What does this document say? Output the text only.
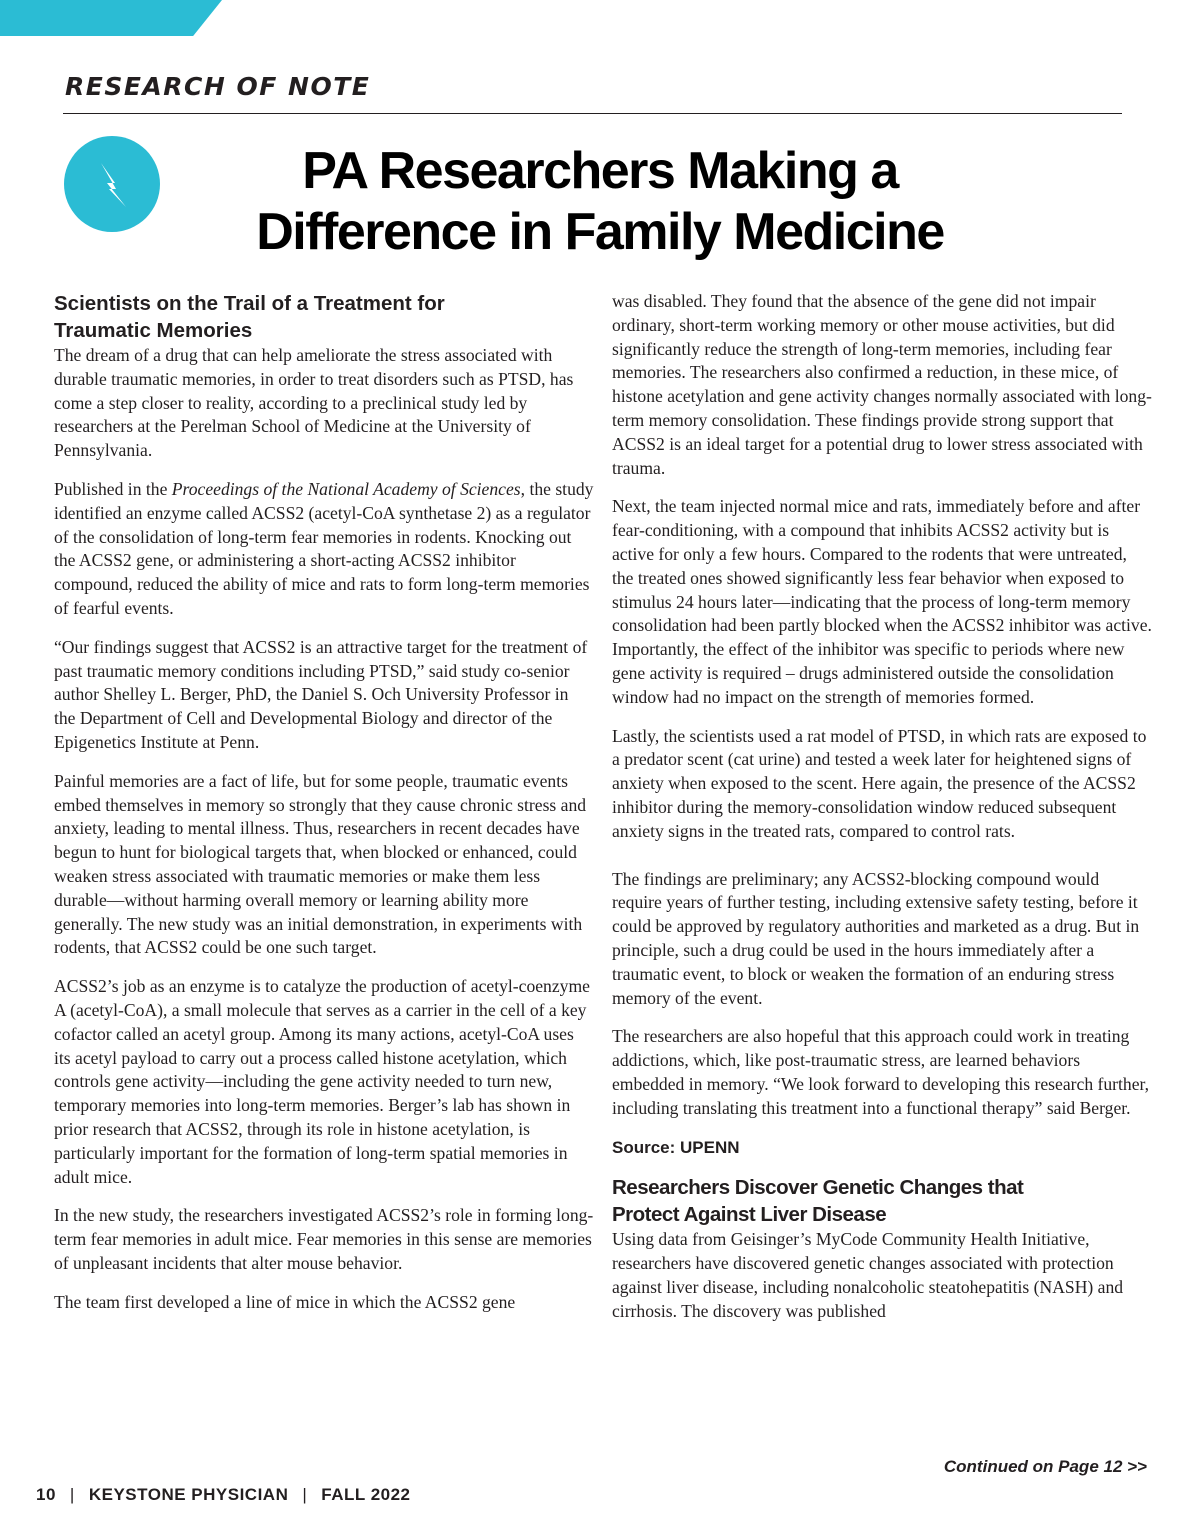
RESEARCH OF NOTE
PA Researchers Making a
Difference in Family Medicine
Scientists on the Trail of a Treatment for
Traumatic Memories

The dream of a drug that can help ameliorate the stress associated with durable traumatic memories, in order to treat disorders such as PTSD, has come a step closer to reality, according to a preclinical study led by researchers at the Perelman School of Medicine at the University of Pennsylvania.

Published in the Proceedings of the National Academy of Sciences, the study identified an enzyme called ACSS2 (acetyl-CoA synthetase 2) as a regulator of the consolidation of long-term fear memories in rodents. Knocking out the ACSS2 gene, or administering a short-acting ACSS2 inhibitor compound, reduced the ability of mice and rats to form long-term memories of fearful events.

“Our findings suggest that ACSS2 is an attractive target for the treatment of past traumatic memory conditions including PTSD,” said study co-senior author Shelley L. Berger, PhD, the Daniel S. Och University Professor in the Department of Cell and Developmental Biology and director of the Epigenetics Institute at Penn.

Painful memories are a fact of life, but for some people, traumatic events embed themselves in memory so strongly that they cause chronic stress and anxiety, leading to mental illness. Thus, researchers in recent decades have begun to hunt for biological targets that, when blocked or enhanced, could weaken stress associated with traumatic memories or make them less durable—without harming overall memory or learning ability more generally. The new study was an initial demonstration, in experiments with rodents, that ACSS2 could be one such target.

ACSS2’s job as an enzyme is to catalyze the production of acetyl-coenzyme A (acetyl-CoA), a small molecule that serves as a carrier in the cell of a key cofactor called an acetyl group. Among its many actions, acetyl-CoA uses its acetyl payload to carry out a process called histone acetylation, which controls gene activity—including the gene activity needed to turn new, temporary memories into long-term memories. Berger’s lab has shown in prior research that ACSS2, through its role in histone acetylation, is particularly important for the formation of long-term spatial memories in adult mice.

In the new study, the researchers investigated ACSS2’s role in forming long-term fear memories in adult mice. Fear memories in this sense are memories of unpleasant incidents that alter mouse behavior.

The team first developed a line of mice in which the ACSS2 gene

was disabled. They found that the absence of the gene did not impair ordinary, short-term working memory or other mouse activities, but did significantly reduce the strength of long-term memories, including fear memories. The researchers also confirmed a reduction, in these mice, of histone acetylation and gene activity changes normally associated with long-term memory consolidation. These findings provide strong support that ACSS2 is an ideal target for a potential drug to lower stress associated with trauma.

Next, the team injected normal mice and rats, immediately before and after fear-conditioning, with a compound that inhibits ACSS2 activity but is active for only a few hours. Compared to the rodents that were untreated, the treated ones showed significantly less fear behavior when exposed to stimulus 24 hours later—indicating that the process of long-term memory consolidation had been partly blocked when the ACSS2 inhibitor was active. Importantly, the effect of the inhibitor was specific to periods where new gene activity is required – drugs administered outside the consolidation window had no impact on the strength of memories formed.

Lastly, the scientists used a rat model of PTSD, in which rats are exposed to a predator scent (cat urine) and tested a week later for heightened signs of anxiety when exposed to the scent. Here again, the presence of the ACSS2 inhibitor during the memory-consolidation window reduced subsequent anxiety signs in the treated rats, compared to control rats.

The findings are preliminary; any ACSS2-blocking compound would require years of further testing, including extensive safety testing, before it could be approved by regulatory authorities and marketed as a drug. But in principle, such a drug could be used in the hours immediately after a traumatic event, to block or weaken the formation of an enduring stress memory of the event.

The researchers are also hopeful that this approach could work in treating addictions, which, like post-traumatic stress, are learned behaviors embedded in memory. “We look forward to developing this research further, including translating this treatment into a functional therapy” said Berger.

Source: UPENN

Researchers Discover Genetic Changes that
Protect Against Liver Disease

Using data from Geisinger’s MyCode Community Health Initiative, researchers have discovered genetic changes associated with protection against liver disease, including nonalcoholic steatohepatitis (NASH) and cirrhosis. The discovery was published

Continued on Page 12 >>

10 | KEYSTONE PHYSICIAN | FALL 2022
